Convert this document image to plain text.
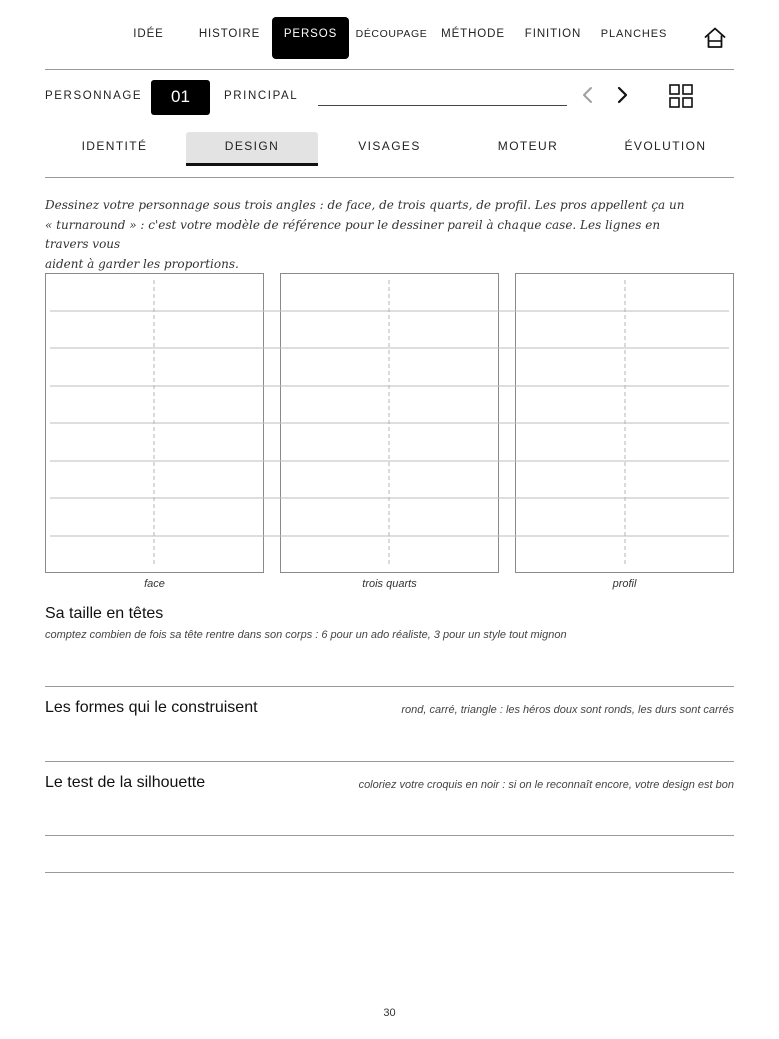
IDÉE	HISTOIRE	PERSOS	DÉCOUPAGE	MÉTHODE	FINITION	PLANCHES
PERSONNAGE	01	PRINCIPAL
IDENTITÉ	DESIGN	VISAGES	MOTEUR	ÉVOLUTION
Dessinez votre personnage sous trois angles : de face, de trois quarts, de profil. Les pros appellent ça un
« turnaround » : c'est votre modèle de référence pour le dessiner pareil à chaque case. Les lignes en travers vous
aident à garder les proportions.
face	trois quarts	profil
Sa taille en têtes
comptez combien de fois sa tête rentre dans son corps : 6 pour un ado réaliste, 3 pour un style tout mignon
Les formes qui le construisent	rond, carré, triangle : les héros doux sont ronds, les durs sont carrés
Le test de la silhouette	coloriez votre croquis en noir : si on le reconnaît encore, votre design est bon
30
